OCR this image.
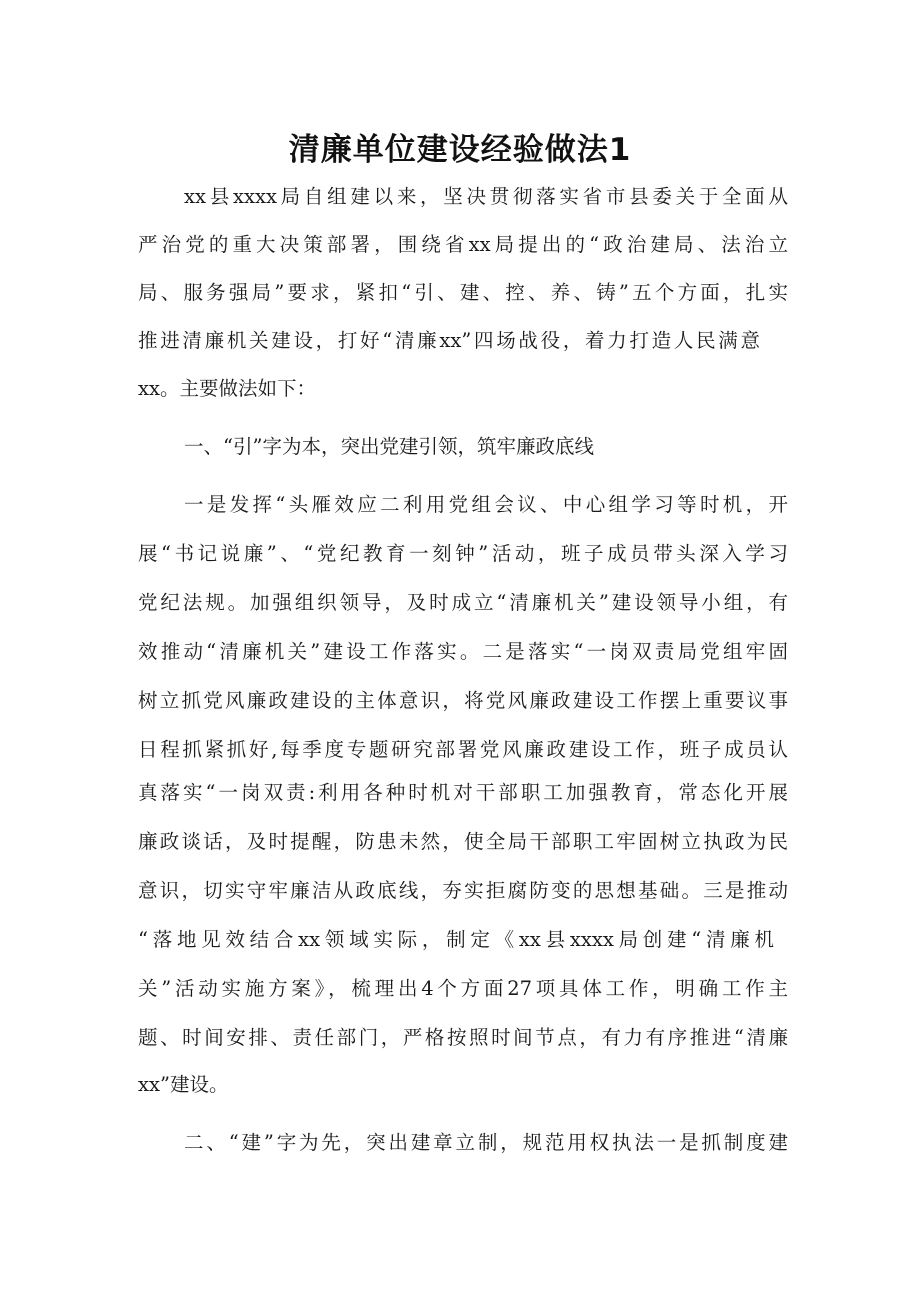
清廉单位建设经验做法1
xx县xxxx局自组建以来，坚决贯彻落实省市县委关于全面从
严治党的重大决策部署，围绕省xx局提出的“政治建局、法治立
局、服务强局”要求，紧扣“引、建、控、养、铸”五个方面，扎实
推进清廉机关建设，打好“清廉xx”四场战役，着力打造人民满意
xx。主要做法如下：
一、“引”字为本，突出党建引领，筑牢廉政底线
一是发挥“头雁效应二利用党组会议、中心组学习等时机，开
展“书记说廉”、“党纪教育一刻钟”活动，班子成员带头深入学习
党纪法规。加强组织领导，及时成立“清廉机关”建设领导小组，有
效推动“清廉机关”建设工作落实。二是落实“一岗双责局党组牢固
树立抓党风廉政建设的主体意识，将党风廉政建设工作摆上重要议事
日程抓紧抓好,每季度专题研究部署党风廉政建设工作，班子成员认
真落实“一岗双责:利用各种时机对干部职工加强教育，常态化开展
廉政谈话，及时提醒，防患未然，使全局干部职工牢固树立执政为民
意识，切实守牢廉洁从政底线，夯实拒腐防变的思想基础。三是推动
“落地见效结合xx领域实际，制定《xx县xxxx局创建“清廉机
关”活动实施方案》，梳理出4个方面27项具体工作，明确工作主
题、时间安排、责任部门，严格按照时间节点，有力有序推进“清廉
xx”建设。
二、“建”字为先，突出建章立制，规范用权执法一是抓制度建
